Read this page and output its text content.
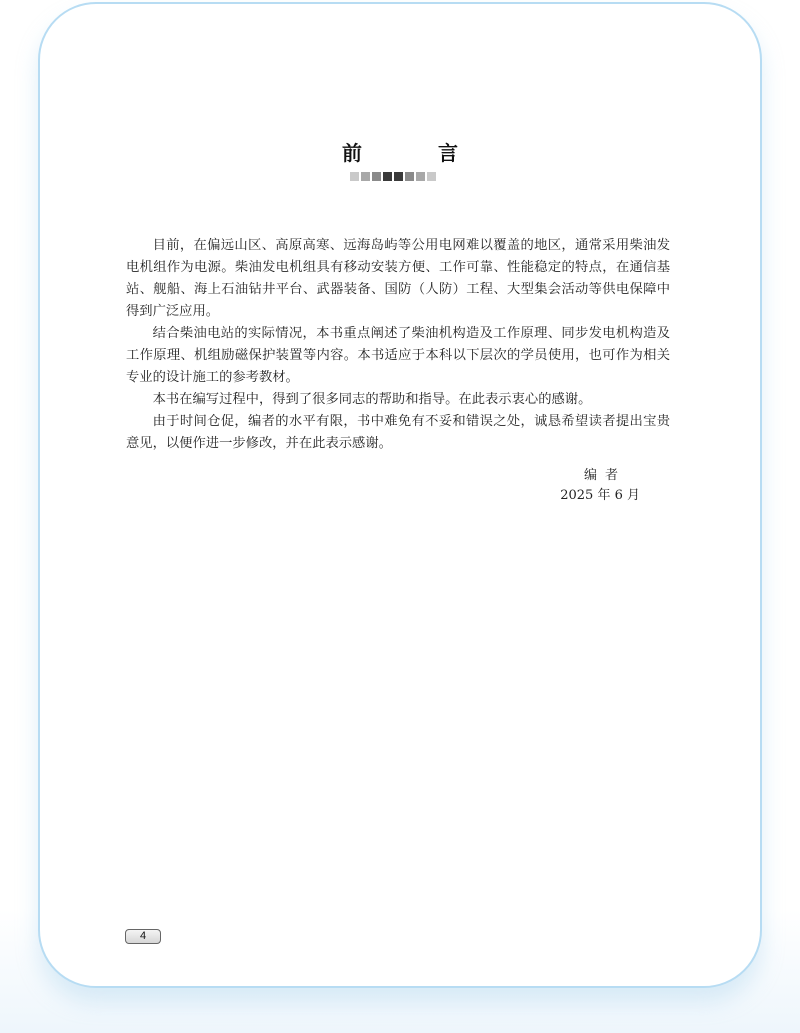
前　言

目前，在偏远山区、高原高寒、远海岛屿等公用电网难以覆盖的地区，通常采用柴油发电机组作为电源。柴油发电机组具有移动安装方便、工作可靠、性能稳定的特点，在通信基站、舰船、海上石油钻井平台、武器装备、国防（人防）工程、大型集会活动等供电保障中得到广泛应用。

结合柴油电站的实际情况，本书重点阐述了柴油机构造及工作原理、同步发电机构造及工作原理、机组励磁保护装置等内容。本书适应于本科以下层次的学员使用，也可作为相关专业的设计施工的参考教材。

本书在编写过程中，得到了很多同志的帮助和指导。在此表示衷心的感谢。

由于时间仓促，编者的水平有限，书中难免有不妥和错误之处，诚恳希望读者提出宝贵意见，以便作进一步修改，并在此表示感谢。

编者
2025 年 6 月
4
